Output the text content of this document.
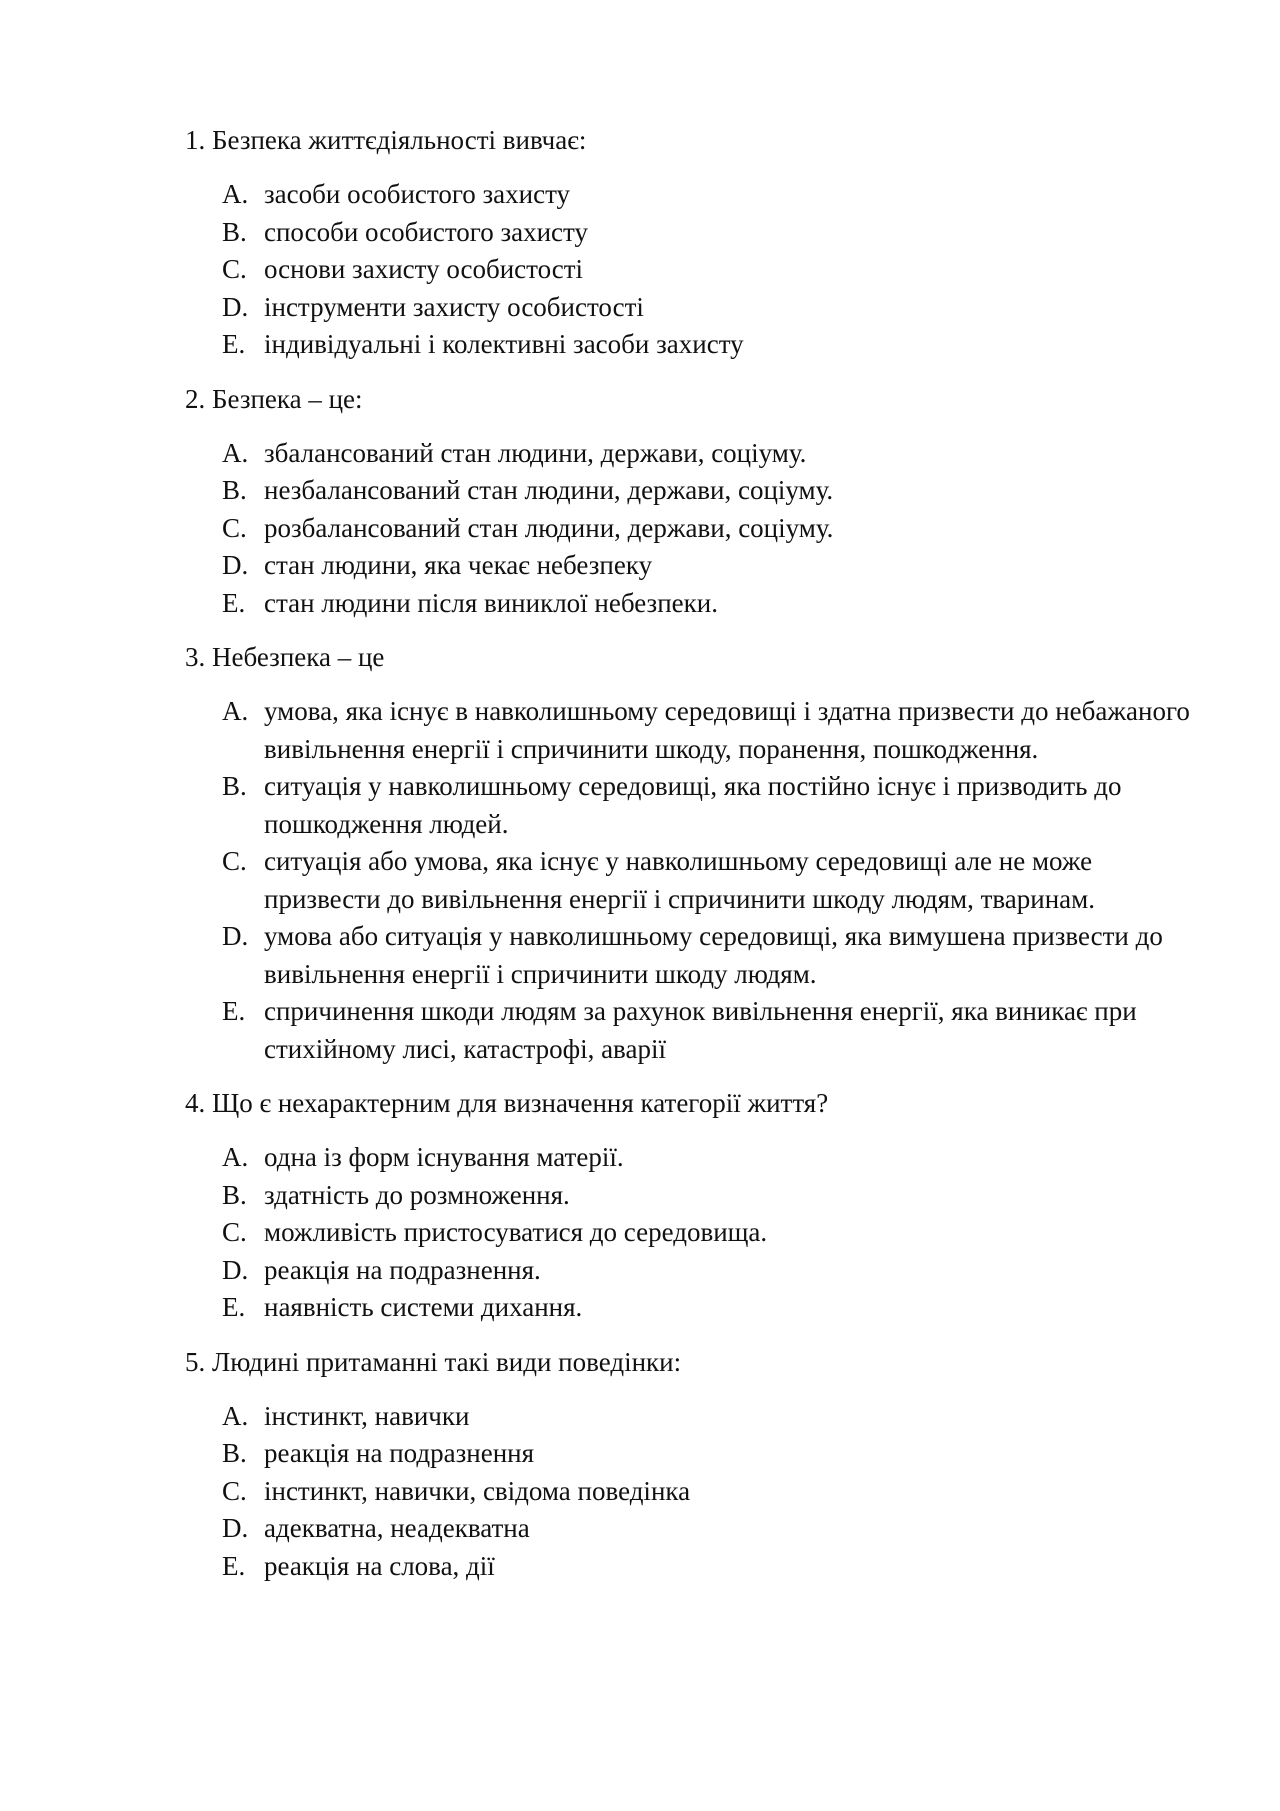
1. Безпека життєдіяльності вивчає:
A. засоби особистого захисту
B. способи особистого захисту
C. основи захисту особистості
D. інструменти захисту особистості
E. індивідуальні і колективні засоби захисту
2. Безпека – це:
A. збалансований стан людини, держави, соціуму.
B. незбалансований стан людини, держави, соціуму.
C. розбалансований стан людини, держави, соціуму.
D. стан людини, яка чекає небезпеку
E. стан людини після виниклої небезпеки.
3. Небезпека – це
A. умова, яка існує в навколишньому середовищі і здатна призвести до небажаного вивільнення енергії і спричинити шкоду, поранення, пошкодження.
B. ситуація у навколишньому середовищі, яка постійно існує і призводить до пошкодження людей.
C. ситуація або умова, яка існує у навколишньому середовищі але не може призвести до вивільнення енергії і спричинити шкоду людям, тваринам.
D. умова або ситуація у навколишньому середовищі, яка вимушена призвести до вивільнення енергії і спричинити шкоду людям.
E. спричинення шкоди людям за рахунок вивільнення енергії, яка виникає при стихійному лисі, катастрофі, аварії
4. Що є нехарактерним для визначення категорії життя?
A. одна із форм існування матерії.
B. здатність до розмноження.
C. можливість пристосуватися до середовища.
D. реакція на подразнення.
E. наявність системи дихання.
5. Людині притаманні такі види поведінки:
A. інстинкт, навички
B. реакція на подразнення
C. інстинкт, навички, свідома поведінка
D. адекватна, неадекватна
E. реакція на слова, дії
